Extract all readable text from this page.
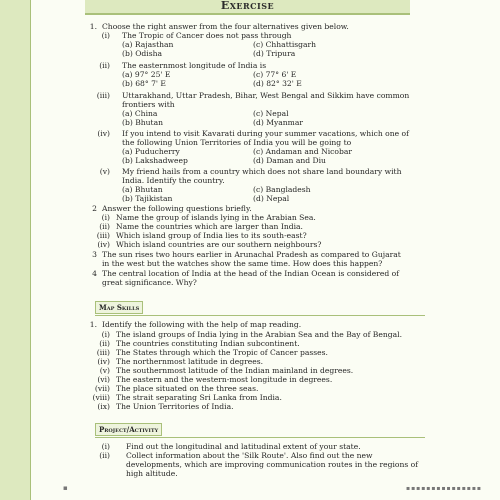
Exercise
1. Choose the right answer from the four alternatives given below.
(i) The Tropic of Cancer does not pass through
(a) Rajasthan	(c) Chhattisgarh
(b) Odisha	(d) Tripura
(ii) The easternmost longitude of India is
(a) 97° 25' E	(c) 77° 6' E
(b) 68° 7' E	(d) 82° 32' E
(iii) Uttarakhand, Uttar Pradesh, Bihar, West Bengal and Sikkim have common
frontiers with
(a) China	(c) Nepal
(b) Bhutan	(d) Myanmar
(iv) If you intend to visit Kavarati during your summer vacations, which one of
the following Union Territories of India you will be going to
(a) Puducherry	(c) Andaman and Nicobar
(b) Lakshadweep	(d) Daman and Diu
(v) My friend hails from a country which does not share land boundary with
India. Identify the country.
(a) Bhutan	(c) Bangladesh
(b) Tajikistan	(d) Nepal
2 Answer the following questions briefly.
(i) Name the group of islands lying in the Arabian Sea.
(ii) Name the countries which are larger than India.
(iii) Which island group of India lies to its south-east?
(iv) Which island countries are our southern neighbours?
3 The sun rises two hours earlier in Arunachal Pradesh as compared to Gujarat
in the west but the watches show the same time. How does this happen?
4 The central location of India at the head of the Indian Ocean is considered of
great significance. Why?
Map Skills
1. Identify the following with the help of map reading.
(i) The island groups of India lying in the Arabian Sea and the Bay of Bengal.
(ii) The countries constituting Indian subcontinent.
(iii) The States through which the Tropic of Cancer passes.
(iv) The northernmost latitude in degrees.
(v) The southernmost latitude of the Indian mainland in degrees.
(vi) The eastern and the western-most longitude in degrees.
(vii) The place situated on the three seas.
(viii) The strait separating Sri Lanka from India.
(ix) The Union Territories of India.
Project/Activity
(i) Find out the longitudinal and latitudinal extent of your state.
(ii) Collect information about the 'Silk Route'. Also find out the new
developments, which are improving communication routes in the regions of
high altitude.
▪	▪▪▪▪▪▪▪▪▪▪▪▪▪▪▪
